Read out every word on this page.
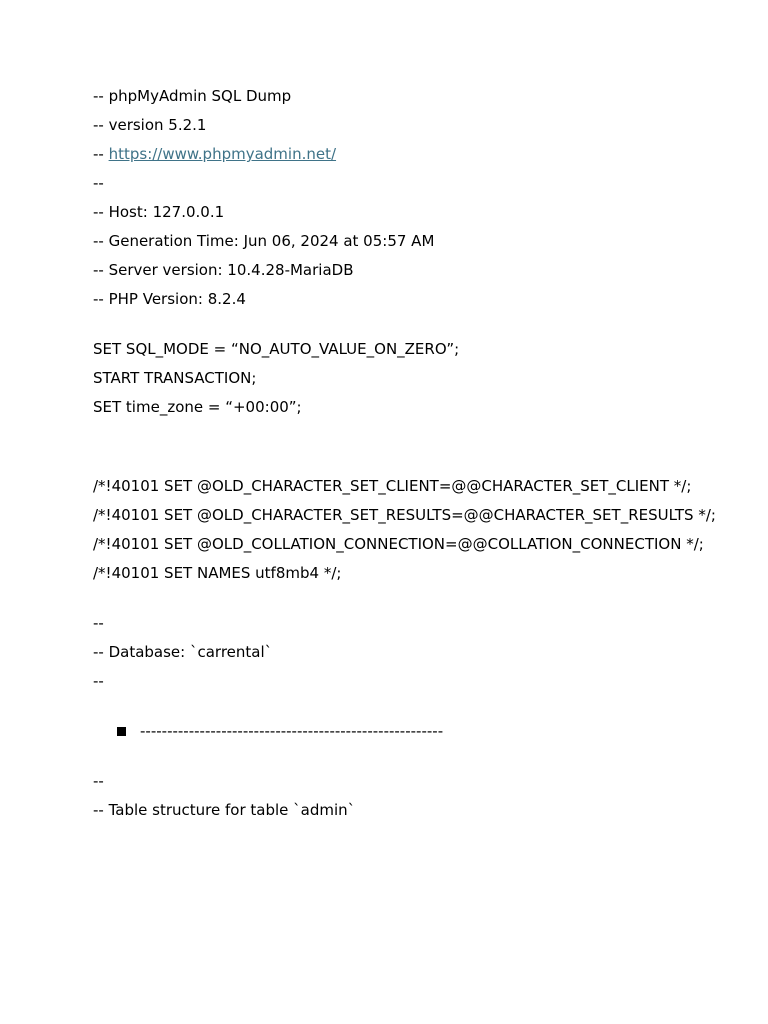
-- phpMyAdmin SQL Dump
-- version 5.2.1
-- https://www.phpmyadmin.net/
--
-- Host: 127.0.0.1
-- Generation Time: Jun 06, 2024 at 05:57 AM
-- Server version: 10.4.28-MariaDB
-- PHP Version: 8.2.4
SET SQL_MODE = “NO_AUTO_VALUE_ON_ZERO”;
START TRANSACTION;
SET time_zone = “+00:00”;
/*!40101 SET @OLD_CHARACTER_SET_CLIENT=@@CHARACTER_SET_CLIENT */;
/*!40101 SET @OLD_CHARACTER_SET_RESULTS=@@CHARACTER_SET_RESULTS */;
/*!40101 SET @OLD_COLLATION_CONNECTION=@@COLLATION_CONNECTION */;
/*!40101 SET NAMES utf8mb4 */;
--
-- Database: `carrental`
--
--------------------------------------------------------
--
-- Table structure for table `admin`
